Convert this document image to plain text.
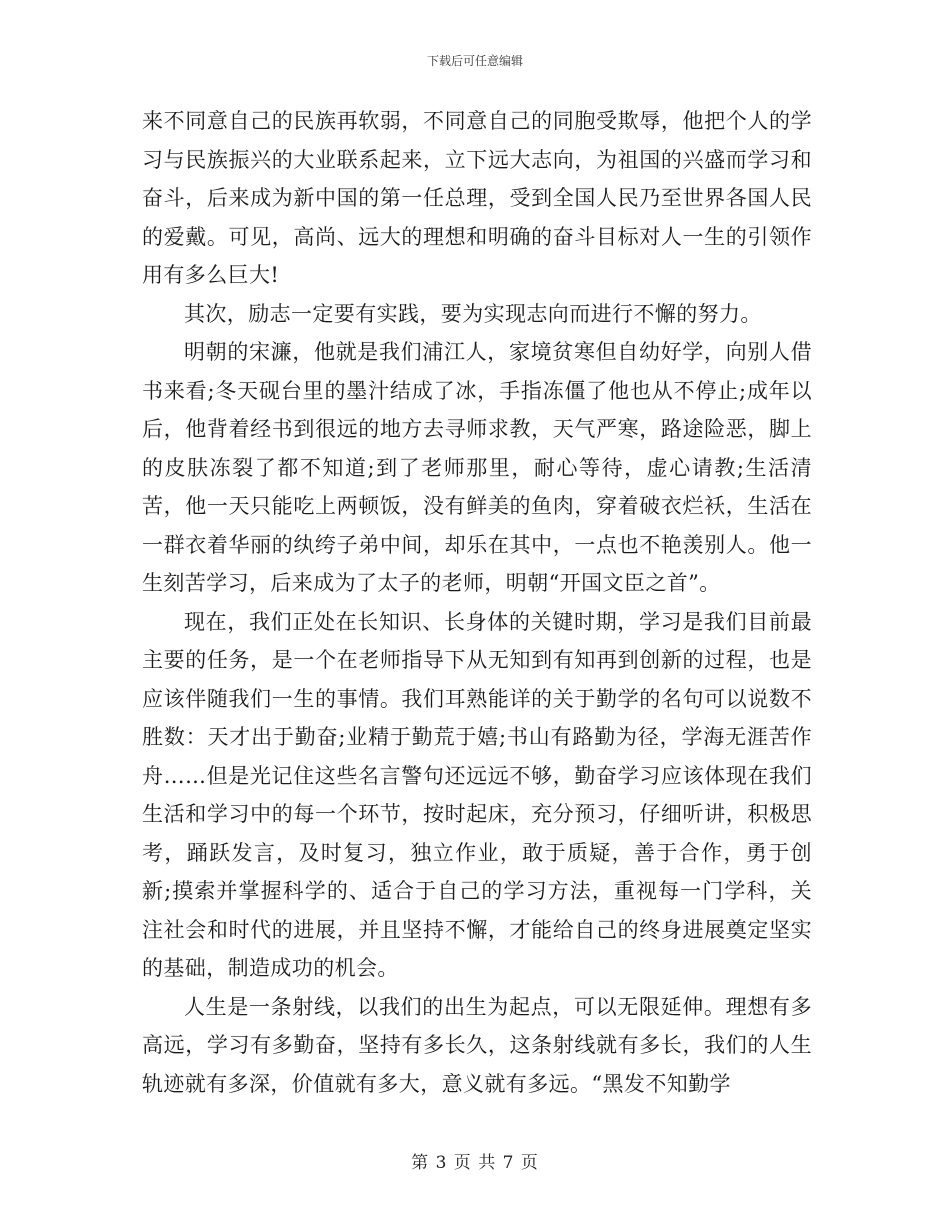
下载后可任意编辑

来不同意自己的民族再软弱，不同意自己的同胞受欺辱，他把个人的学习与民族振兴的大业联系起来，立下远大志向，为祖国的兴盛而学习和奋斗，后来成为新中国的第一任总理，受到全国人民乃至世界各国人民的爱戴。可见，高尚、远大的理想和明确的奋斗目标对人一生的引领作用有多么巨大!

其次，励志一定要有实践，要为实现志向而进行不懈的努力。

明朝的宋濂，他就是我们浦江人，家境贫寒但自幼好学，向别人借书来看;冬天砚台里的墨汁结成了冰，手指冻僵了他也从不停止;成年以后，他背着经书到很远的地方去寻师求教，天气严寒，路途险恶，脚上的皮肤冻裂了都不知道;到了老师那里，耐心等待，虚心请教;生活清苦，他一天只能吃上两顿饭，没有鲜美的鱼肉，穿着破衣烂袄，生活在一群衣着华丽的纨绔子弟中间，却乐在其中，一点也不艳羡别人。他一生刻苦学习，后来成为了太子的老师，明朝“开国文臣之首”。

现在，我们正处在长知识、长身体的关键时期，学习是我们目前最主要的任务，是一个在老师指导下从无知到有知再到创新的过程，也是应该伴随我们一生的事情。我们耳熟能详的关于勤学的名句可以说数不胜数：天才出于勤奋;业精于勤荒于嬉;书山有路勤为径，学海无涯苦作舟……但是光记住这些名言警句还远远不够，勤奋学习应该体现在我们生活和学习中的每一个环节，按时起床，充分预习，仔细听讲，积极思考，踊跃发言，及时复习，独立作业，敢于质疑，善于合作，勇于创新;摸索并掌握科学的、适合于自己的学习方法，重视每一门学科，关注社会和时代的进展，并且坚持不懈，才能给自己的终身进展奠定坚实的基础，制造成功的机会。

人生是一条射线，以我们的出生为起点，可以无限延伸。理想有多高远，学习有多勤奋，坚持有多长久，这条射线就有多长，我们的人生轨迹就有多深，价值就有多大，意义就有多远。“黑发不知勤学

第 3 页 共 7 页
